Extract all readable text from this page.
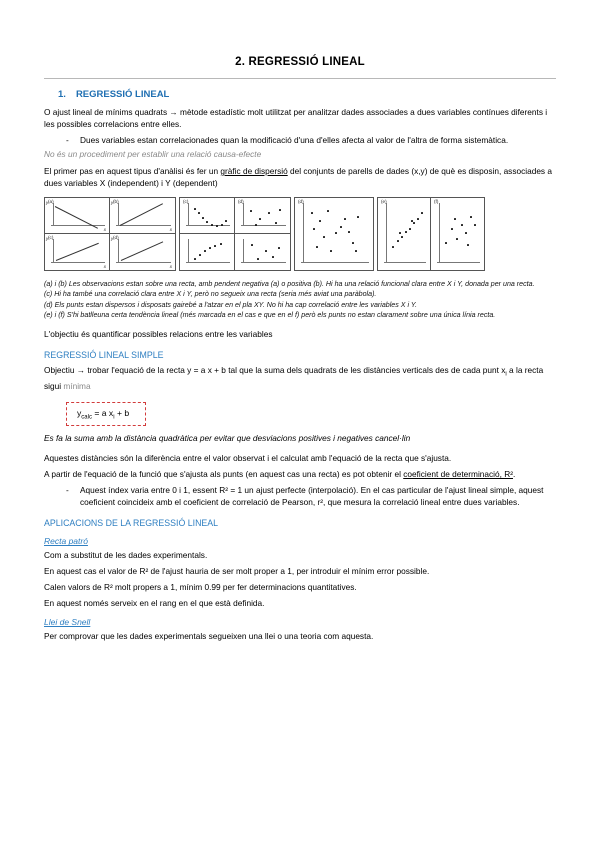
2. REGRESSIÓ LINEAL
1. REGRESSIÓ LINEAL

O ajust lineal de mínims quadrats → mètode estadístic molt utilitzat per analitzar dades associades a dues variables contínues diferents i les possibles correlacions entre elles.

-	Dues variables estan correlacionades quan la modificació d'una d'elles afecta al valor de l'altra de forma sistemàtica.
No és un procediment per establir una relació causa-efecte

El primer pas en aquest tipus d'anàlisi és fer un gràfic de dispersió del conjunts de parells de dades (x,y) de què es disposin, associades a dues variables X (independent) i Y (dependent)

(a)
y
x
(b)
y
x
(c)
y
x
(d)
y
x
(c)	(d)	(d)	(e)	(f)

(a) i (b) Les observacions estan sobre una recta, amb pendent negativa (a) o positiva (b). Hi ha una relació funcional clara entre X i Y, donada per una recta.

(c) Hi ha també una correlació clara entre X i Y, però no segueix una recta (seria més aviat una paràbola).

(d) Els punts estan dispersos i disposats gairebé a l'atzar en el pla XY. No hi ha cap correlació entre les variables X i Y.

(e) i (f) S'hi batlleuna certa tendència lineal (més marcada en el cas e que en el f) però els punts no estan clarament sobre una única línia recta.

L'objectiu és quantificar possibles relacions entre les variables

REGRESSIÓ LINEAL SIMPLE

Objectiu → trobar l'equació de la recta y = a x + b tal que la suma dels quadrats de les distàncies verticals des de cada punt $x_i$ a la recta sigui mínima

$y_{calc} = a$ $x_i + b$

Es fa la suma amb la distància quadràtica per evitar que desviacions positives i negatives cancel·lin

Aquestes distàncies són la diferència entre el valor observat i el calculat amb l'equació de la recta que s'ajusta.

A partir de l'equació de la funció que s'ajusta als punts (en aquest cas una recta) es pot obtenir el coeficient de determinació, R².

-	Aquest índex varia entre 0 i 1, essent R² = 1 un ajust perfecte (interpolació). En el cas particular de l'ajust lineal simple, aquest coeficient coincideix amb el coeficient de correlació de Pearson, r², que mesura la correlació lineal entre dues variables.
APLICACIONS DE LA REGRESSIÓ LINEAL
Recta patró

Com a substitut de les dades experimentals.

En aquest cas el valor de R² de l'ajust hauria de ser molt proper a 1, per introduir el mínim error possible.

Calen valors de R² molt propers a 1, mínim 0.99 per fer determinacions quantitatives.

En aquest només serveix en el rang en el que està definida.

Llei de Snell

Per comprovar que les dades experimentals segueixen una llei o una teoria com aquesta.
